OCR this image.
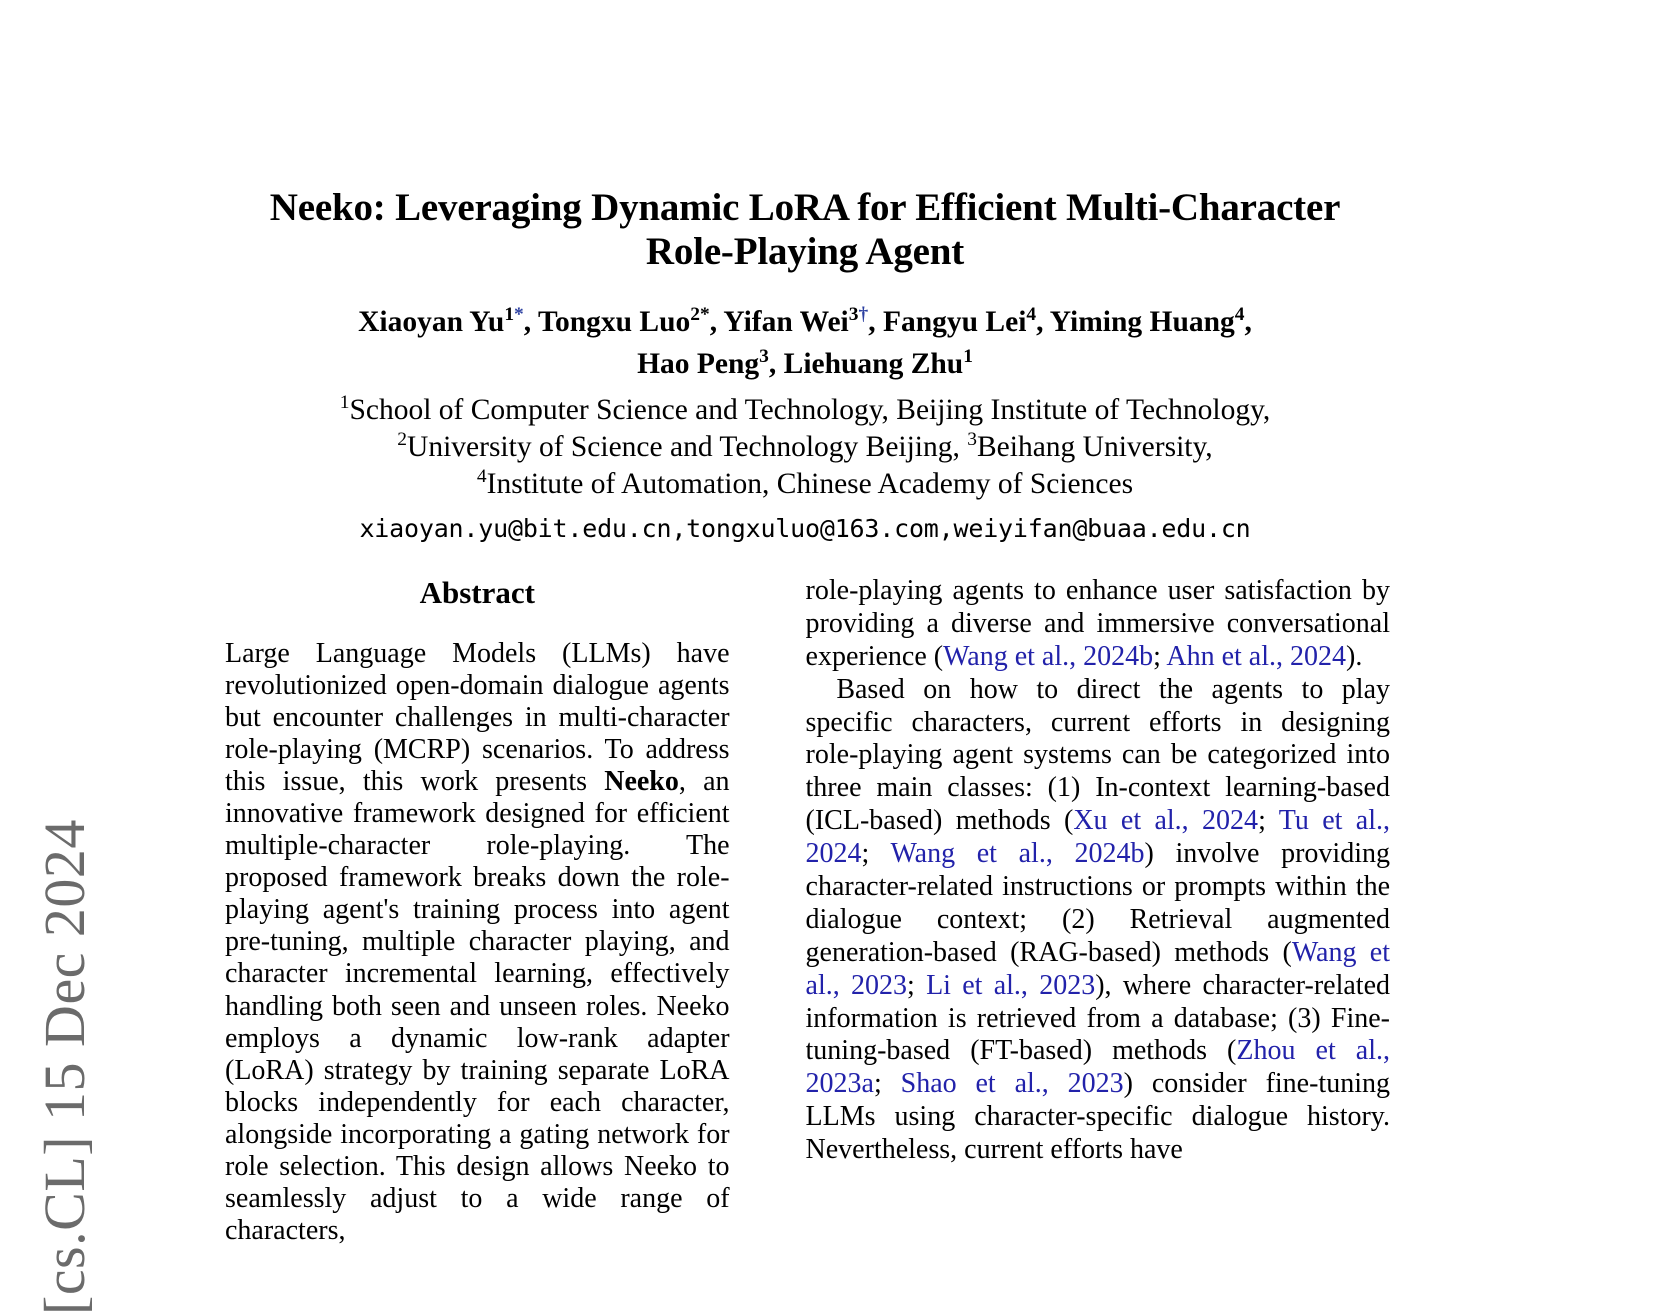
[cs.CL] 15 Dec 2024
Neeko: Leveraging Dynamic LoRA for Efficient Multi-Character Role-Playing Agent
Xiaoyan $Yu^{1*}$, Tongxu Luo$^{2*}$, Yifan Wei$^{3\dagger}$, Fangyu Lei$^4$, Yiming Huang$^4$,
Hao Peng$^3$, Liehuang Zhu$^1$
$^1$School of Computer Science and Technology, Beijing Institute of Technology,
$^2$University of Science and Technology Beijing, $^3$Beihang University,
$^4$Institute of Automation, Chinese Academy of Sciences
xiaoyan.yu@bit.edu.cn,tongxuluo@163.com,weiyifan@buaa.edu.cn
Abstract

Large Language Models (LLMs) have revolutionized open-domain dialogue agents but encounter challenges in multi-character role-playing (MCRP) scenarios. To address this issue, this work presents Neeko, an innovative framework designed for efficient multiple-character role-playing. The proposed framework breaks down the role-playing agent's training process into agent pre-tuning, multiple character playing, and character incremental learning, effectively handling both seen and unseen roles. Neeko employs a dynamic low-rank adapter (LoRA) strategy by training separate LoRA blocks independently for each character, alongside incorporating a gating network for role selection. This design allows Neeko to seamlessly adjust to a wide range of characters,

role-playing agents to enhance user satisfaction by providing a diverse and immersive conversational experience (Wang et al., 2024b; Ahn et al., 2024).

Based on how to direct the agents to play specific characters, current efforts in designing role-playing agent systems can be categorized into three main classes: (1) In-context learning-based (ICL-based) methods (Xu et al., 2024; Tu et al., 2024; Wang et al., 2024b) involve providing character-related instructions or prompts within the dialogue context; (2) Retrieval augmented generation-based (RAG-based) methods (Wang et al., 2023; Li et al., 2023), where character-related information is retrieved from a database; (3) Fine-tuning-based (FT-based) methods (Zhou et al., 2023a; Shao et al., 2023) consider fine-tuning LLMs using character-specific dialogue history. Nevertheless, current efforts have
